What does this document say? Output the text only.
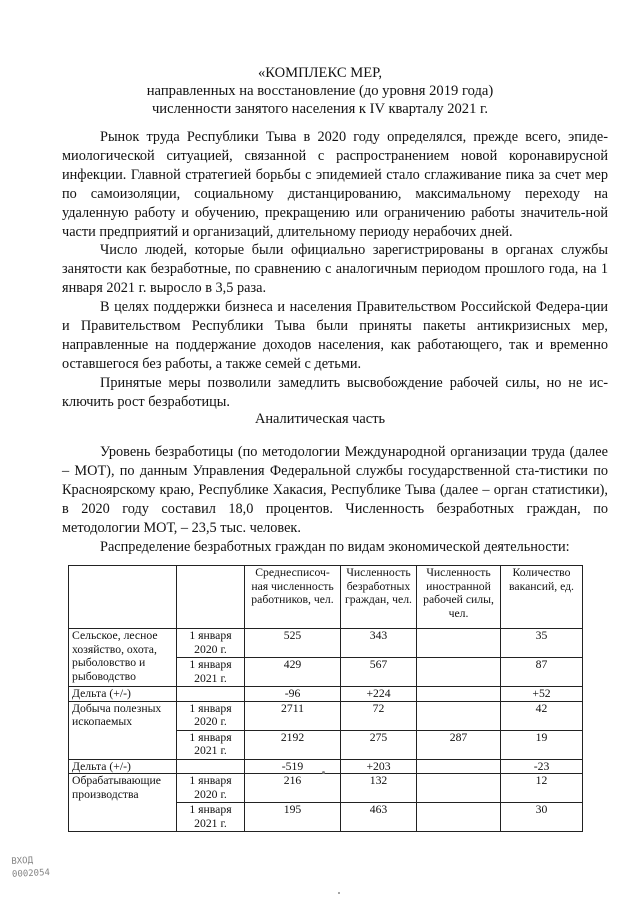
«КОМПЛЕКС МЕР,
направленных на восстановление (до уровня 2019 года)
численности занятого населения к IV кварталу 2021 г.

Рынок труда Республики Тыва в 2020 году определялся, прежде всего, эпиде-миологической ситуацией, связанной с распространением новой коронавирусной инфекции. Главной стратегией борьбы с эпидемией стало сглаживание пика за счет мер по самоизоляции, социальному дистанцированию, максимальному переходу на удаленную работу и обучению, прекращению или ограничению работы значитель-ной части предприятий и организаций, длительному периоду нерабочих дней.

Число людей, которые были официально зарегистрированы в органах службы занятости как безработные, по сравнению с аналогичным периодом прошлого года, на 1 января 2021 г. выросло в 3,5 раза.

В целях поддержки бизнеса и населения Правительством Российской Федера-ции и Правительством Республики Тыва были приняты пакеты антикризисных мер, направленные на поддержание доходов населения, как работающего, так и временно оставшегося без работы, а также семей с детьми.

Принятые меры позволили замедлить высвобождение рабочей силы, но не ис-ключить рост безработицы.

Аналитическая часть

Уровень безработицы (по методологии Международной организации труда (далее – МОТ), по данным Управления Федеральной службы государственной ста-тистики по Красноярскому краю, Республике Хакасия, Республике Тыва (далее – орган статистики), в 2020 году составил 18,0 процентов. Численность безработных граждан, по методологии МОТ, – 23,5 тыс. человек.

Распределение безработных граждан по видам экономической деятельности:

		Среднесписоч-ная численность работников, чел.	Численность безработных граждан, чел.	Численность иностранной рабочей силы, чел.	Количество вакансий, ед.
Сельское, лесное хозяйство, охота, рыболовство и рыбоводство	1 января 2020 г.	525	343		35
	1 января 2021 г.	429	567		87
Дельта (+/-)		-96	+224		+52
Добыча полезных ископаемых	1 января 2020 г.	2711	72		42
	1 января 2021 г.	2192	275	287	19
Дельта (+/-)		-519	+203		-23
Обрабатывающие производства	1 января 2020 г.	216	132		12
	1 января 2021 г.	195	463		30
ВХОД
0002054
